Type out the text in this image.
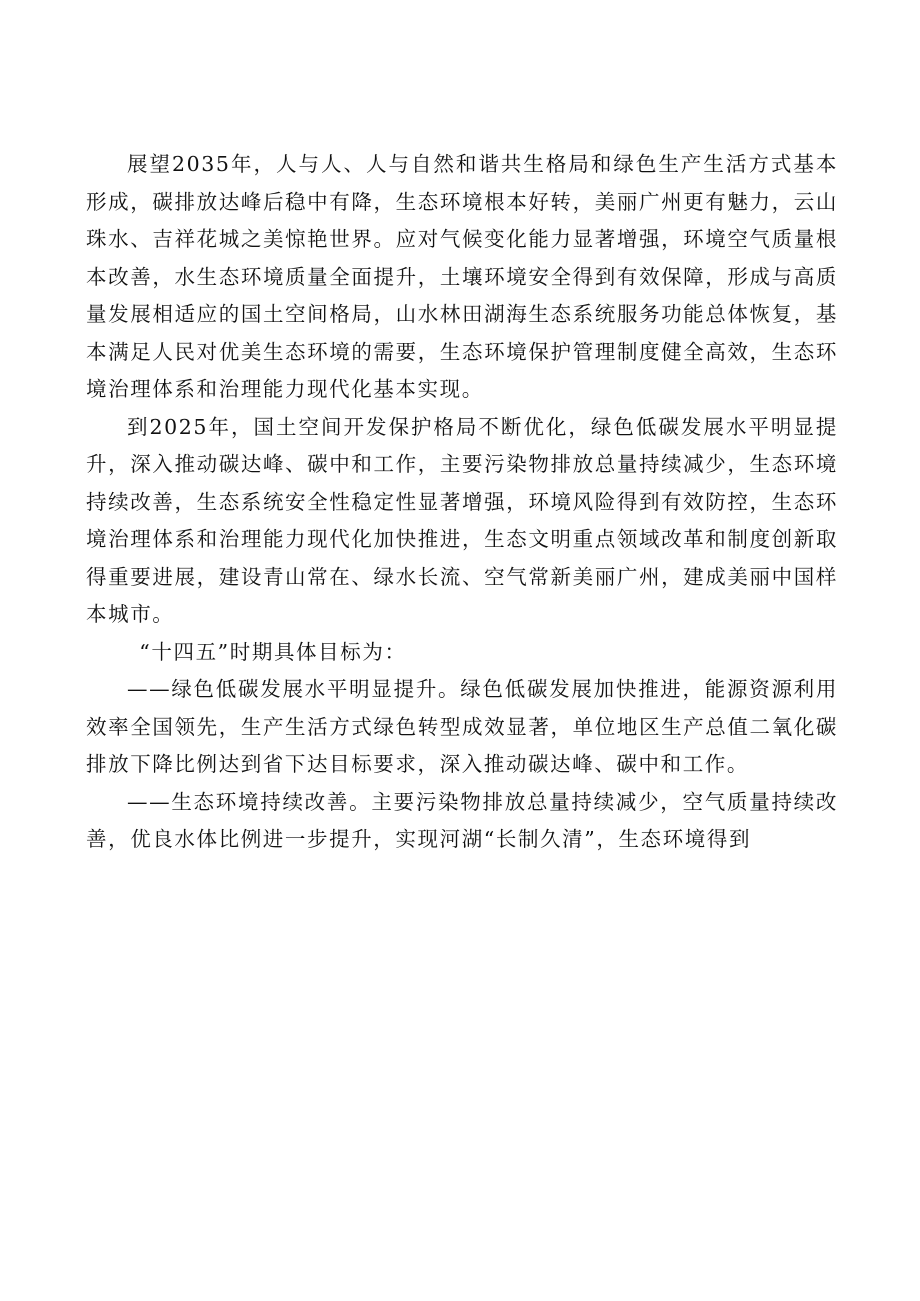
展望2035年，人与人、人与自然和谐共生格局和绿色生产生活方式基本形成，碳排放达峰后稳中有降，生态环境根本好转，美丽广州更有魅力，云山珠水、吉祥花城之美惊艳世界。应对气候变化能力显著增强，环境空气质量根本改善，水生态环境质量全面提升，土壤环境安全得到有效保障，形成与高质量发展相适应的国土空间格局，山水林田湖海生态系统服务功能总体恢复，基本满足人民对优美生态环境的需要，生态环境保护管理制度健全高效，生态环境治理体系和治理能力现代化基本实现。

到2025年，国土空间开发保护格局不断优化，绿色低碳发展水平明显提升，深入推动碳达峰、碳中和工作，主要污染物排放总量持续减少，生态环境持续改善，生态系统安全性稳定性显著增强，环境风险得到有效防控，生态环境治理体系和治理能力现代化加快推进，生态文明重点领域改革和制度创新取得重要进展，建设青山常在、绿水长流、空气常新美丽广州，建成美丽中国样本城市。

“十四五”时期具体目标为：

——绿色低碳发展水平明显提升。绿色低碳发展加快推进，能源资源利用效率全国领先，生产生活方式绿色转型成效显著，单位地区生产总值二氧化碳排放下降比例达到省下达目标要求，深入推动碳达峰、碳中和工作。

——生态环境持续改善。主要污染物排放总量持续减少，空气质量持续改善，优良水体比例进一步提升，实现河湖“长制久清”，生态环境得到
